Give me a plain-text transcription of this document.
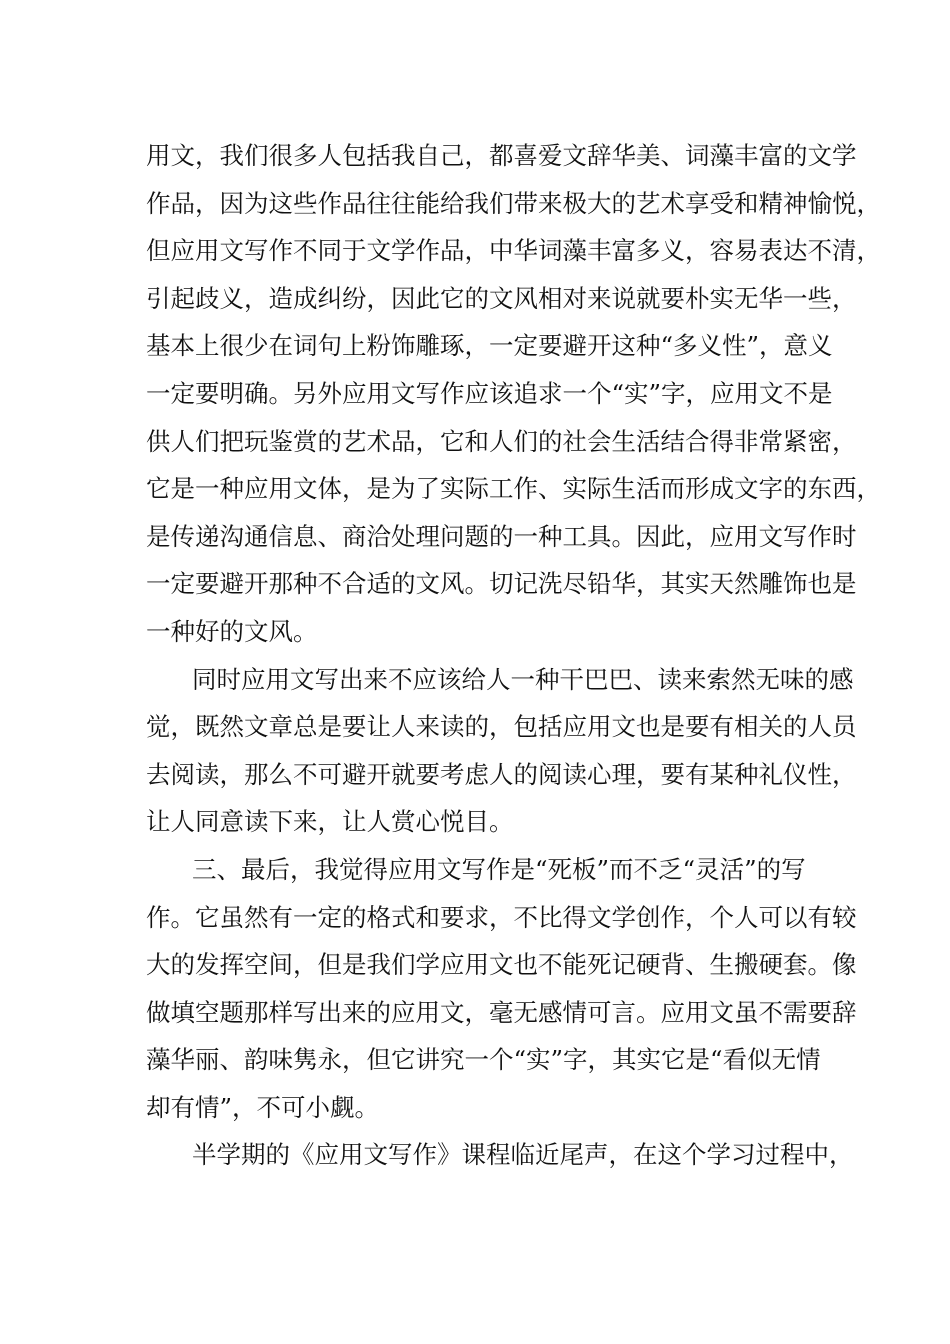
用文，我们很多人包括我自己，都喜爱文辞华美、词藻丰富的文学
作品，因为这些作品往往能给我们带来极大的艺术享受和精神愉悦，
但应用文写作不同于文学作品，中华词藻丰富多义，容易表达不清，
引起歧义，造成纠纷，因此它的文风相对来说就要朴实无华一些，
基本上很少在词句上粉饰雕琢，一定要避开这种“多义性”，意义
一定要明确。另外应用文写作应该追求一个“实”字，应用文不是
供人们把玩鉴赏的艺术品，它和人们的社会生活结合得非常紧密，
它是一种应用文体，是为了实际工作、实际生活而形成文字的东西，
是传递沟通信息、商洽处理问题的一种工具。因此，应用文写作时
一定要避开那种不合适的文风。切记洗尽铅华，其实天然雕饰也是
一种好的文风。
同时应用文写出来不应该给人一种干巴巴、读来索然无味的感
觉，既然文章总是要让人来读的，包括应用文也是要有相关的人员
去阅读，那么不可避开就要考虑人的阅读心理，要有某种礼仪性，
让人同意读下来，让人赏心悦目。
三、最后，我觉得应用文写作是“死板”而不乏“灵活”的写
作。它虽然有一定的格式和要求，不比得文学创作，个人可以有较
大的发挥空间，但是我们学应用文也不能死记硬背、生搬硬套。像
做填空题那样写出来的应用文，毫无感情可言。应用文虽不需要辞
藻华丽、韵味隽永，但它讲究一个“实”字，其实它是“看似无情
却有情”，不可小觑。
半学期的《应用文写作》课程临近尾声，在这个学习过程中，
